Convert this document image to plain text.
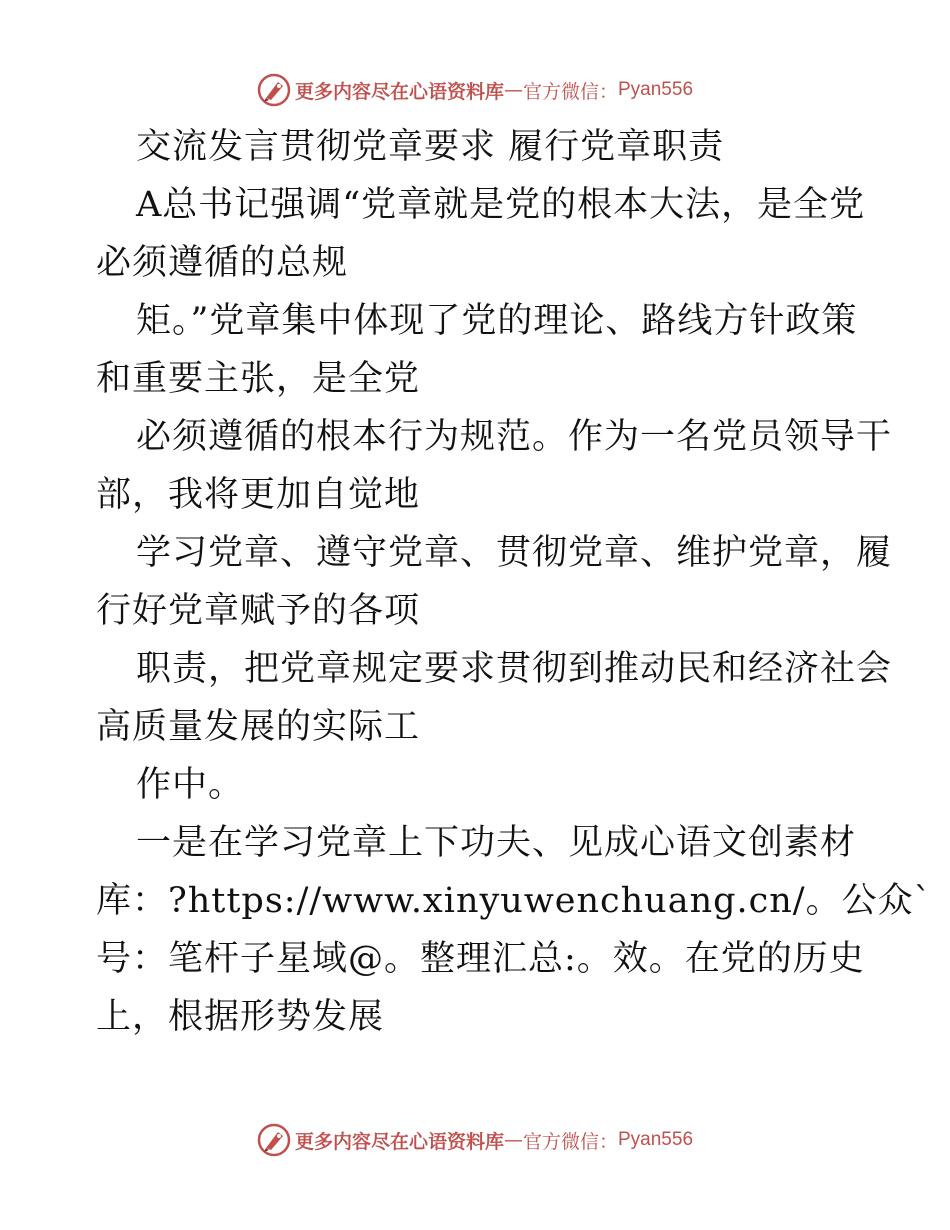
更多内容尽在心语资料库 — 官方微信： Pyan556
交流发言贯彻党章要求 履行党章职责
A总书记强调“党章就是党的根本大法，是全党
必须遵循的总规
矩。”党章集中体现了党的理论、路线方针政策
和重要主张，是全党
必须遵循的根本行为规范。作为一名党员领导干
部，我将更加自觉地
学习党章、遵守党章、贯彻党章、维护党章，履
行好党章赋予的各项
职责，把党章规定要求贯彻到推动民和经济社会
高质量发展的实际工
作中。
一是在学习党章上下功夫、见成心语文创素材
库：?https://www.xinyuwenchuang.cn/。公众`
号：笔杆子星域@。整理汇总:。效。在党的历史
上，根据形势发展
更多内容尽在心语资料库 — 官方微信： Pyan556
